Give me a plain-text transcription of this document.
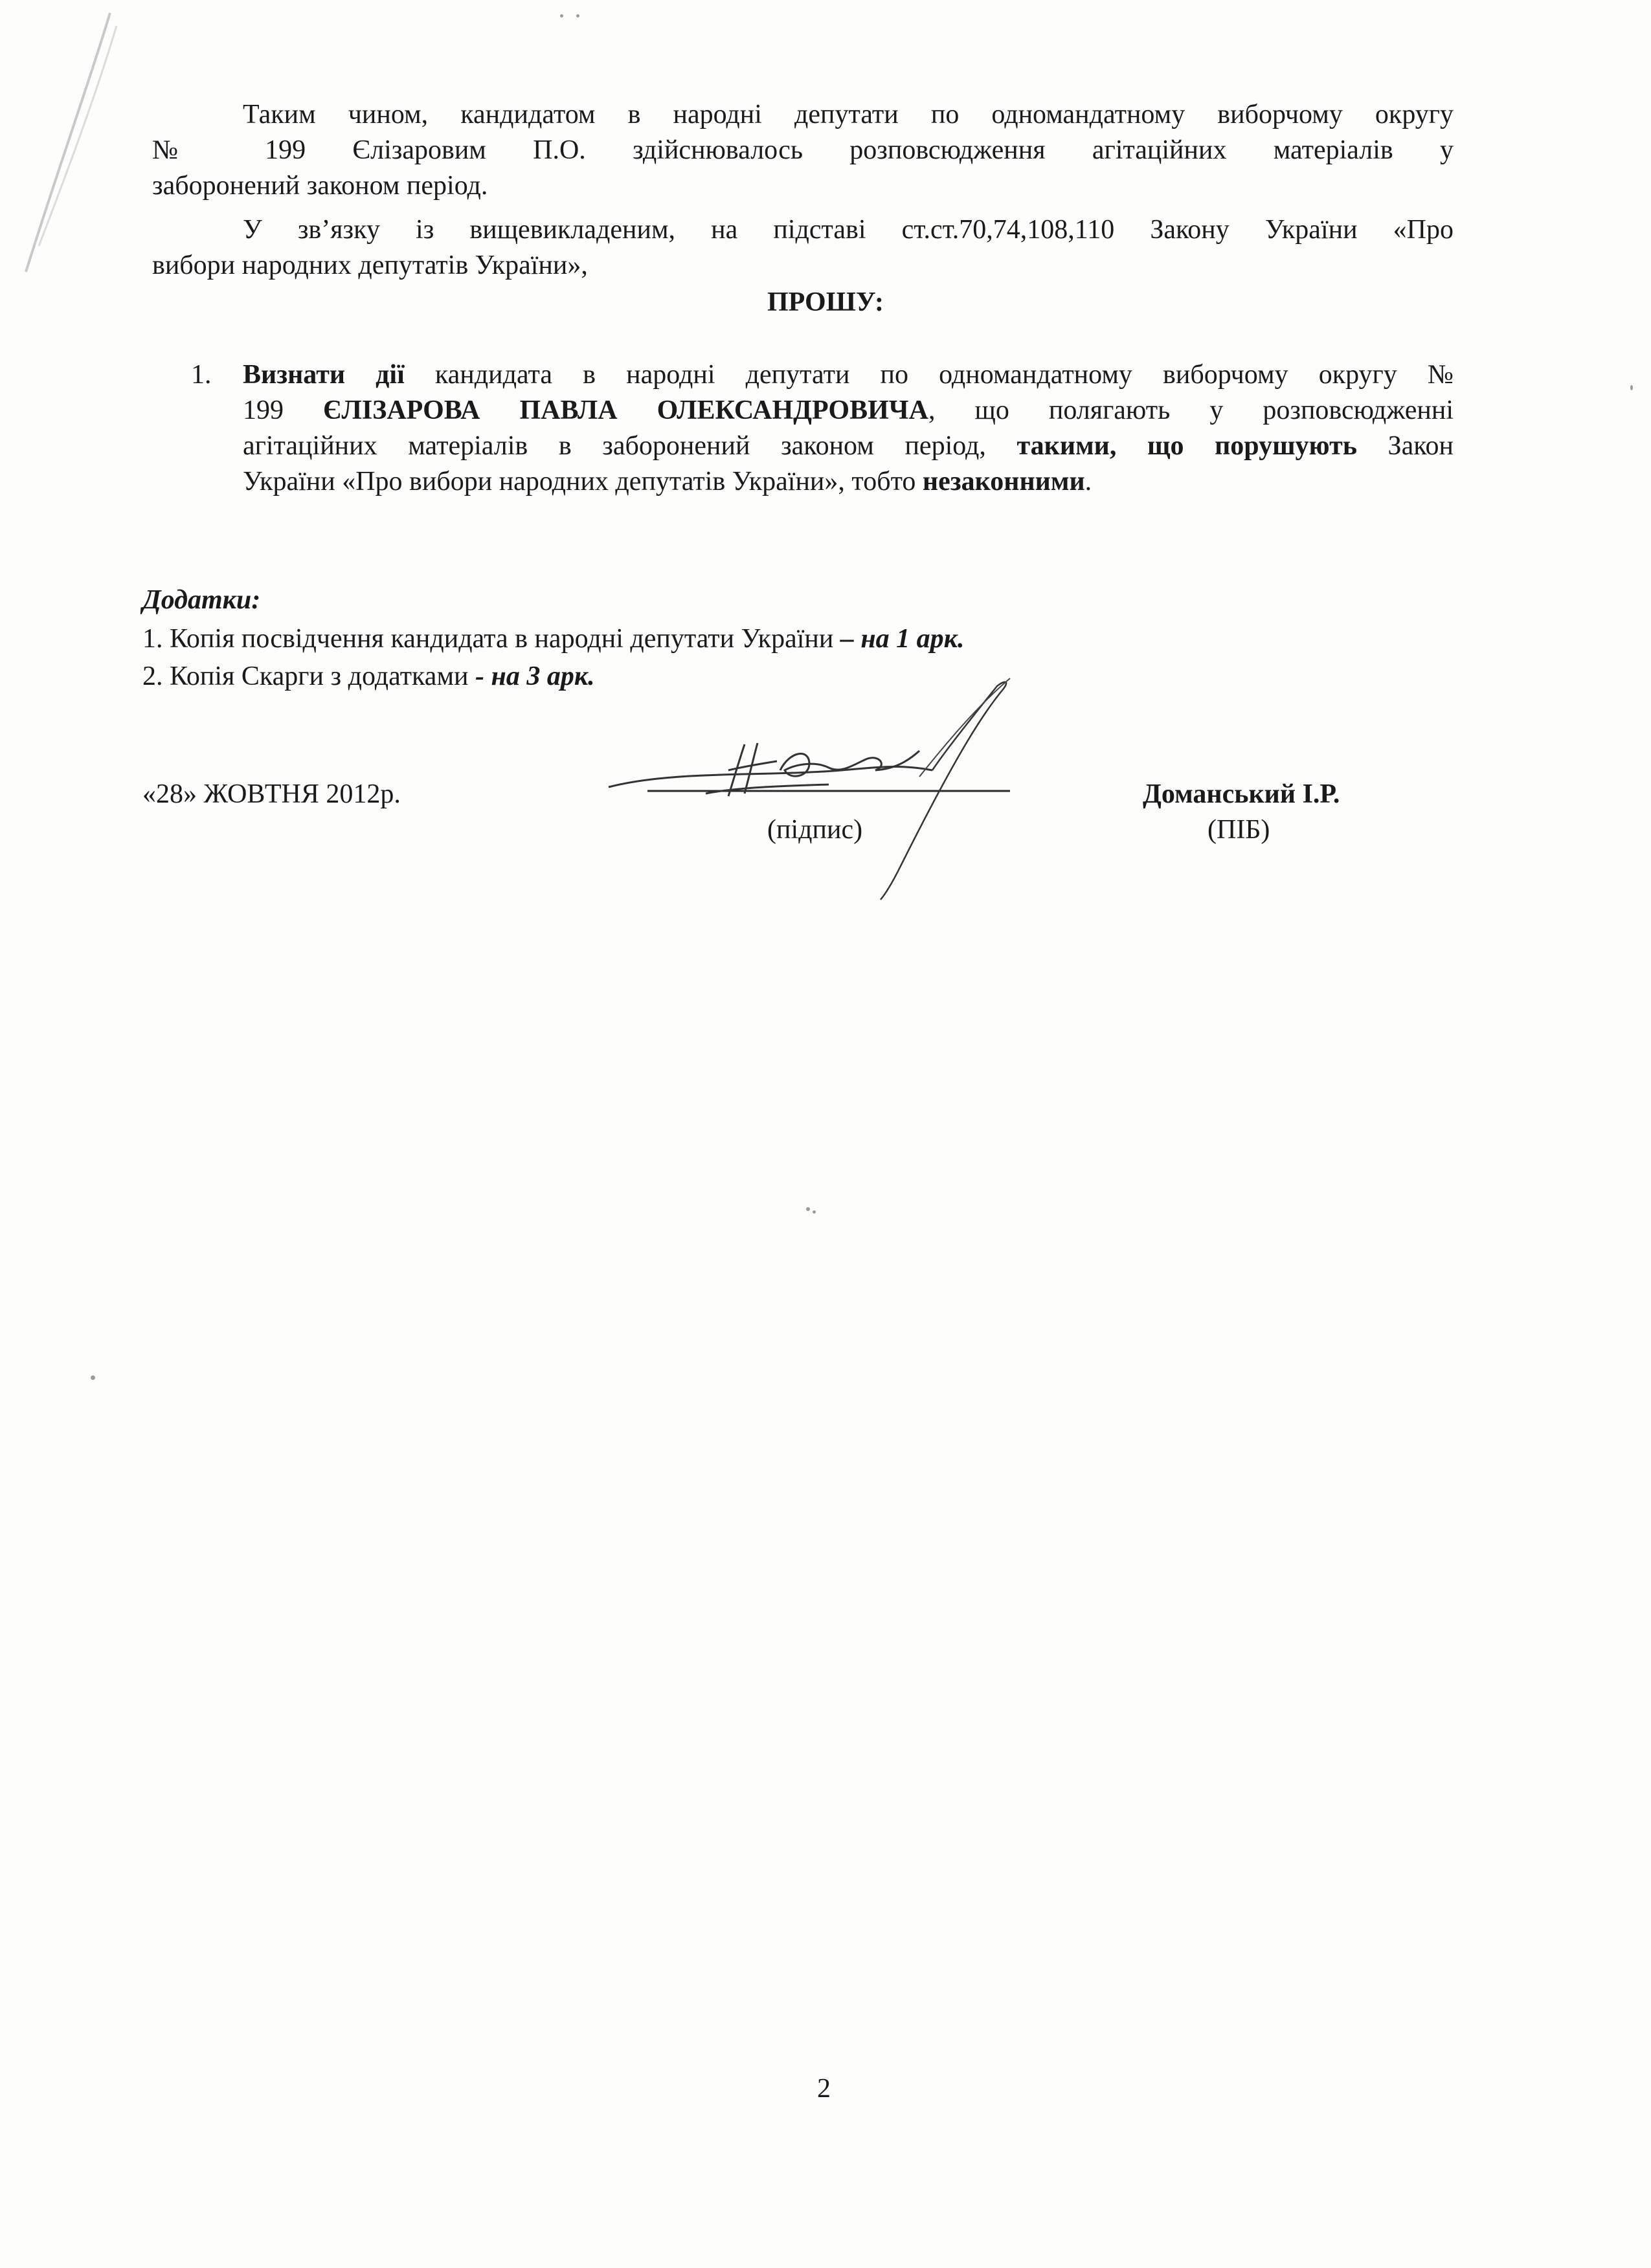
Таким чином, кандидатом в народні депутати по одномандатному виборчому округу
№ 199 Єлізаровим П.О. здійснювалось розповсюдження агітаційних матеріалів у
заборонений законом період.
У зв’язку із вищевикладеним, на підставі ст.ст.70,74,108,110 Закону України «Про
вибори народних депутатів України»,
ПРОШУ:
1. Визнати дії кандидата в народні депутати по одномандатному виборчому округу №
199 ЄЛІЗАРОВА ПАВЛА ОЛЕКСАНДРОВИЧА, що полягають у розповсюдженні
агітаційних матеріалів в заборонений законом період, такими, що порушують Закон
України «Про вибори народних депутатів України», тобто незаконними.
Додатки:
1. Копія посвідчення кандидата в народні депутати України – на 1 арк.
2. Копія Скарги з додатками - на 3 арк.
«28» ЖОВТНЯ 2012р.
(підпис)
Доманський І.Р.
(ПІБ)
2
